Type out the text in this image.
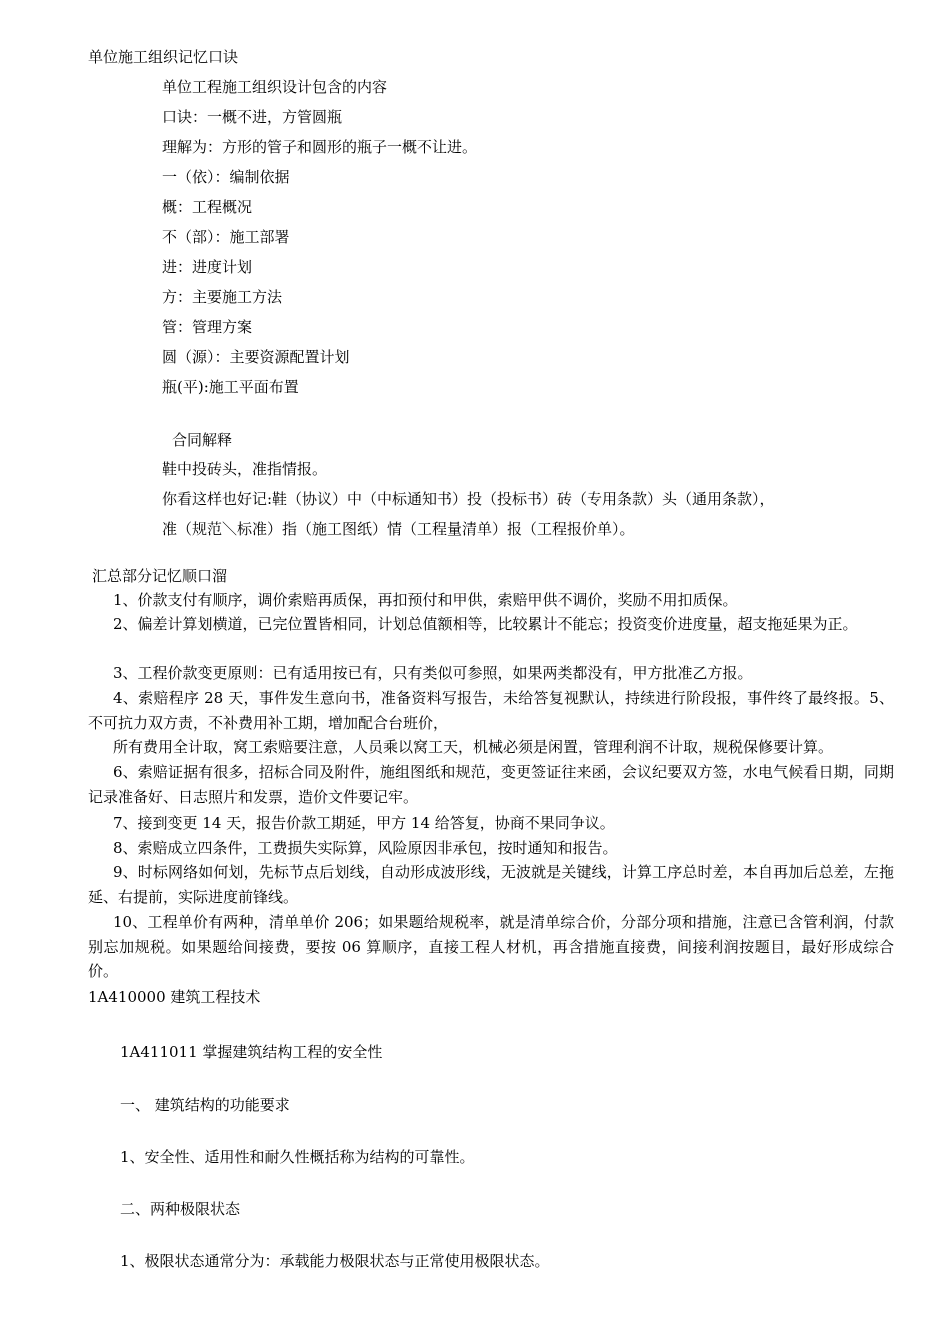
单位施工组织记忆口诀
单位工程施工组织设计包含的内容
口诀：一概不进，方管圆瓶
理解为：方形的管子和圆形的瓶子一概不让进。
一（依）：编制依据
概：工程概况
不（部）：施工部署
进：进度计划
方：主要施工方法
管：管理方案
圆（源）：主要资源配置计划
瓶(平):施工平面布置
合同解释
鞋中投砖头，准指情报。
你看这样也好记:鞋（协议）中（中标通知书）投（投标书）砖（专用条款）头（通用条款），
准（规范＼标准）指（施工图纸）情（工程量清单）报（工程报价单）。
汇总部分记忆顺口溜
1、价款支付有顺序，调价索赔再质保，再扣预付和甲供，索赔甲供不调价，奖励不用扣质保。
2、偏差计算划横道，已完位置皆相同，计划总值额相等，比较累计不能忘；投资变价进度量，超支拖延果为正。
3、工程价款变更原则：已有适用按已有，只有类似可参照，如果两类都没有，甲方批准乙方报。
4、索赔程序 28 天，事件发生意向书，准备资料写报告，未给答复视默认，持续进行阶段报，事件终了最终报。5、不可抗力双方责，不补费用补工期，增加配合台班价，
所有费用全计取，窝工索赔要注意，人员乘以窝工天，机械必须是闲置，管理利润不计取，规税保修要计算。
6、索赔证据有很多，招标合同及附件，施组图纸和规范，变更签证往来函，会议纪要双方签，水电气候看日期，同期记录准备好、日志照片和发票，造价文件要记牢。
7、接到变更 14 天，报告价款工期延，甲方 14 给答复，协商不果同争议。
8、索赔成立四条件，工费损失实际算，风险原因非承包，按时通知和报告。
9、时标网络如何划，先标节点后划线，自动形成波形线，无波就是关键线，计算工序总时差，本自再加后总差，左拖延、右提前，实际进度前锋线。
10、工程单价有两种，清单单价 206；如果题给规税率，就是清单综合价，分部分项和措施，注意已含管利润，付款别忘加规税。如果题给间接费，要按 06 算顺序，直接工程人材机，再含措施直接费，间接利润按题目，最好形成综合价。
1A410000 建筑工程技术
1A411011 掌握建筑结构工程的安全性
一、 建筑结构的功能要求
1、安全性、适用性和耐久性概括称为结构的可靠性。
二、两种极限状态
1、极限状态通常分为：承载能力极限状态与正常使用极限状态。
